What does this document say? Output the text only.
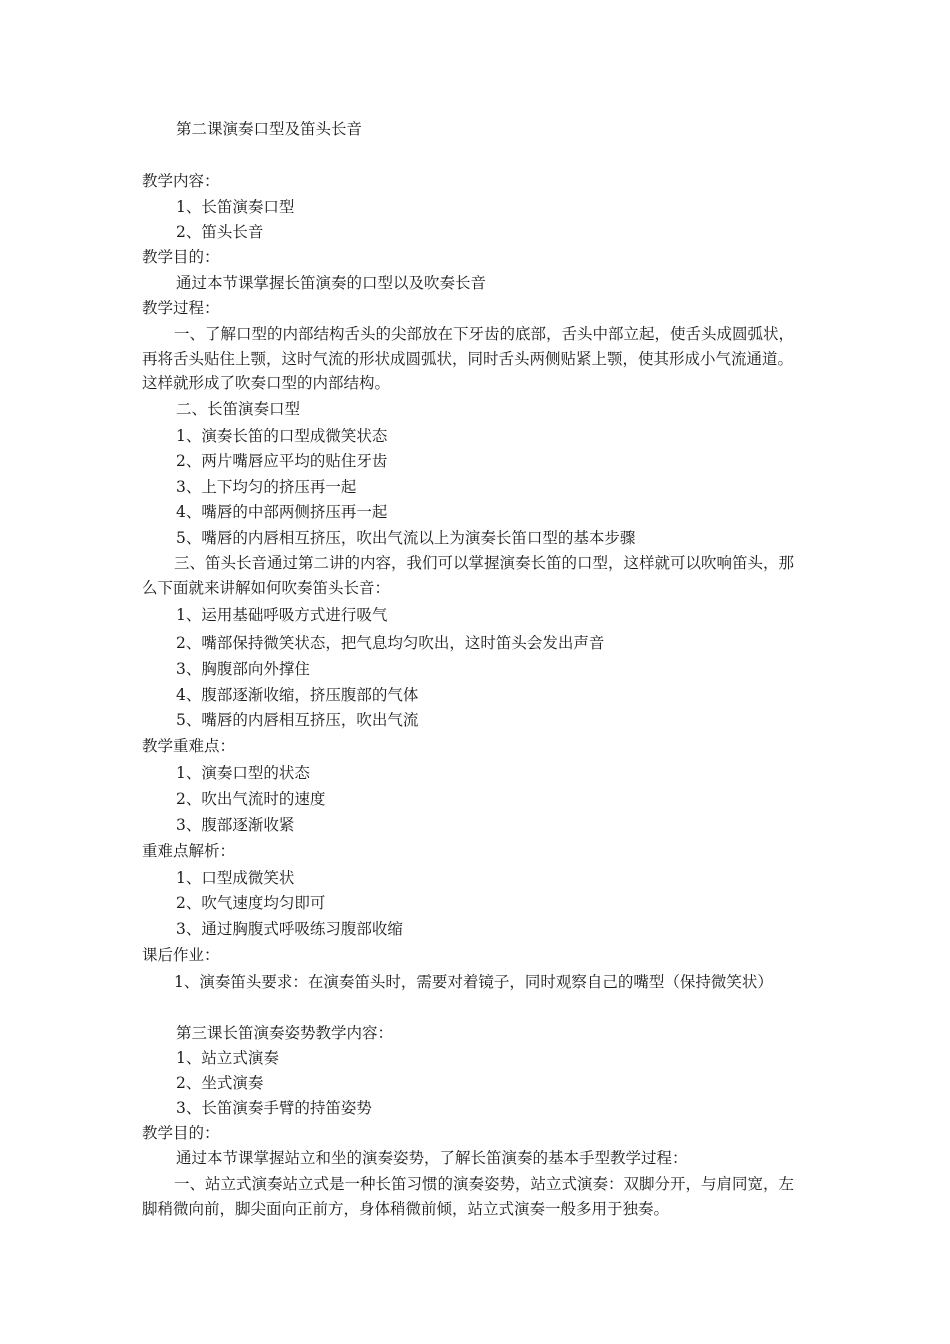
第二课演奏口型及笛头长音
教学内容：
1、长笛演奏口型
2、笛头长音
教学目的：
通过本节课掌握长笛演奏的口型以及吹奏长音
教学过程：
一、了解口型的内部结构舌头的尖部放在下牙齿的底部，舌头中部立起，使舌头成圆弧状，再将舌头贴住上颚，这时气流的形状成圆弧状，同时舌头两侧贴紧上颚，使其形成小气流通道。这样就形成了吹奏口型的内部结构。
二、长笛演奏口型
1、演奏长笛的口型成微笑状态
2、两片嘴唇应平均的贴住牙齿
3、上下均匀的挤压再一起
4、嘴唇的中部两侧挤压再一起
5、嘴唇的内唇相互挤压，吹出气流以上为演奏长笛口型的基本步骤
三、笛头长音通过第二讲的内容，我们可以掌握演奏长笛的口型，这样就可以吹响笛头，那么下面就来讲解如何吹奏笛头长音：
1、运用基础呼吸方式进行吸气
2、嘴部保持微笑状态，把气息均匀吹出，这时笛头会发出声音
3、胸腹部向外撑住
4、腹部逐渐收缩，挤压腹部的气体
5、嘴唇的内唇相互挤压，吹出气流
教学重难点：
1、演奏口型的状态
2、吹出气流时的速度
3、腹部逐渐收紧
重难点解析：
1、口型成微笑状
2、吹气速度均匀即可
3、通过胸腹式呼吸练习腹部收缩
课后作业：
1、演奏笛头要求：在演奏笛头时，需要对着镜子，同时观察自己的嘴型（保持微笑状）
第三课长笛演奏姿势教学内容：
1、站立式演奏
2、坐式演奏
3、长笛演奏手臂的持笛姿势
教学目的：
通过本节课掌握站立和坐的演奏姿势，了解长笛演奏的基本手型教学过程：
一、站立式演奏站立式是一种长笛习惯的演奏姿势，站立式演奏：双脚分开，与肩同宽，左脚稍微向前，脚尖面向正前方，身体稍微前倾，站立式演奏一般多用于独奏。
